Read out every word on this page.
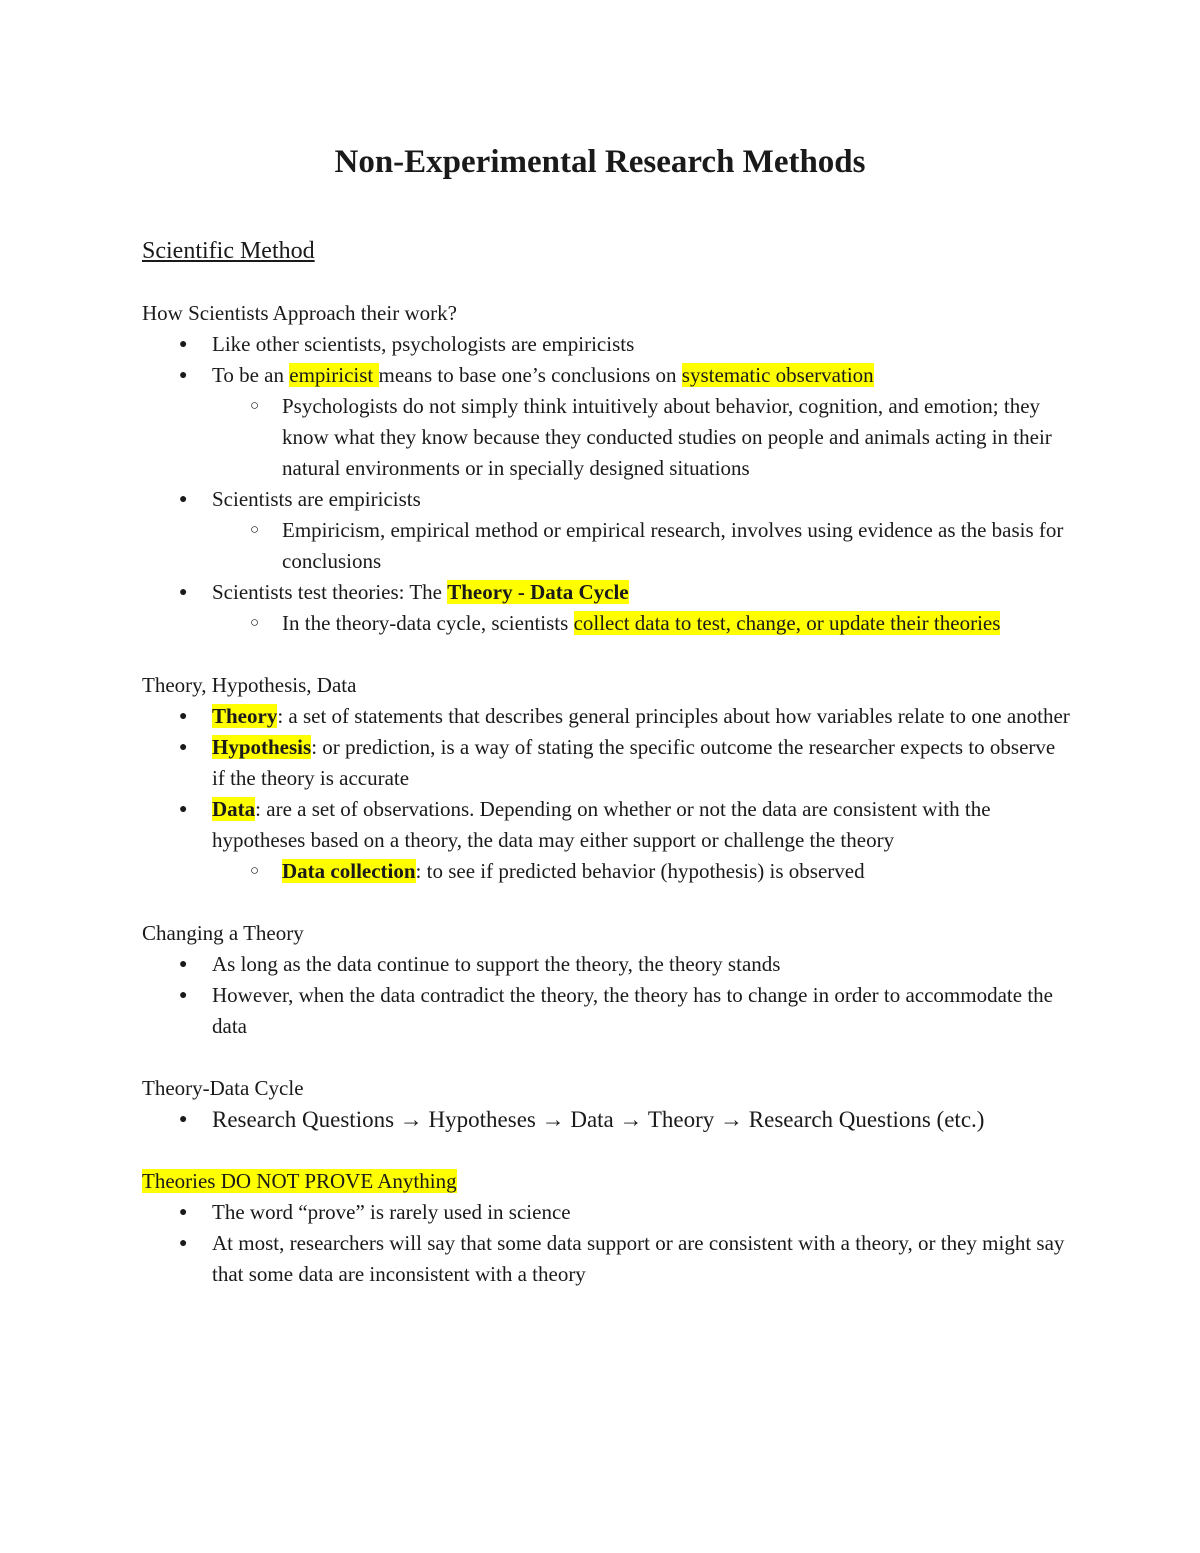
Non-Experimental Research Methods
Scientific Method

How Scientists Approach their work?

● Like other scientists, psychologists are empiricists
● To be an empiricist means to base one’s conclusions on systematic observation
○ Psychologists do not simply think intuitively about behavior, cognition, and emotion; they know what they know because they conducted studies on people and animals acting in their natural environments or in specially designed situations
● Scientists are empiricists
○ Empiricism, empirical method or empirical research, involves using evidence as the basis for conclusions
● Scientists test theories: The Theory - Data Cycle
○ In the theory-data cycle, scientists collect data to test, change, or update their theories

Theory, Hypothesis, Data

● Theory: a set of statements that describes general principles about how variables relate to one another
● Hypothesis: or prediction, is a way of stating the specific outcome the researcher expects to observe if the theory is accurate
● Data: are a set of observations. Depending on whether or not the data are consistent with the hypotheses based on a theory, the data may either support or challenge the theory
○ Data collection: to see if predicted behavior (hypothesis) is observed

Changing a Theory

● As long as the data continue to support the theory, the theory stands
● However, when the data contradict the theory, the theory has to change in order to accommodate the data

Theory-Data Cycle

● Research Questions → Hypotheses → Data → Theory → Research Questions (etc.)

Theories DO NOT PROVE Anything

● The word “prove” is rarely used in science
● At most, researchers will say that some data support or are consistent with a theory, or they might say that some data are inconsistent with a theory
